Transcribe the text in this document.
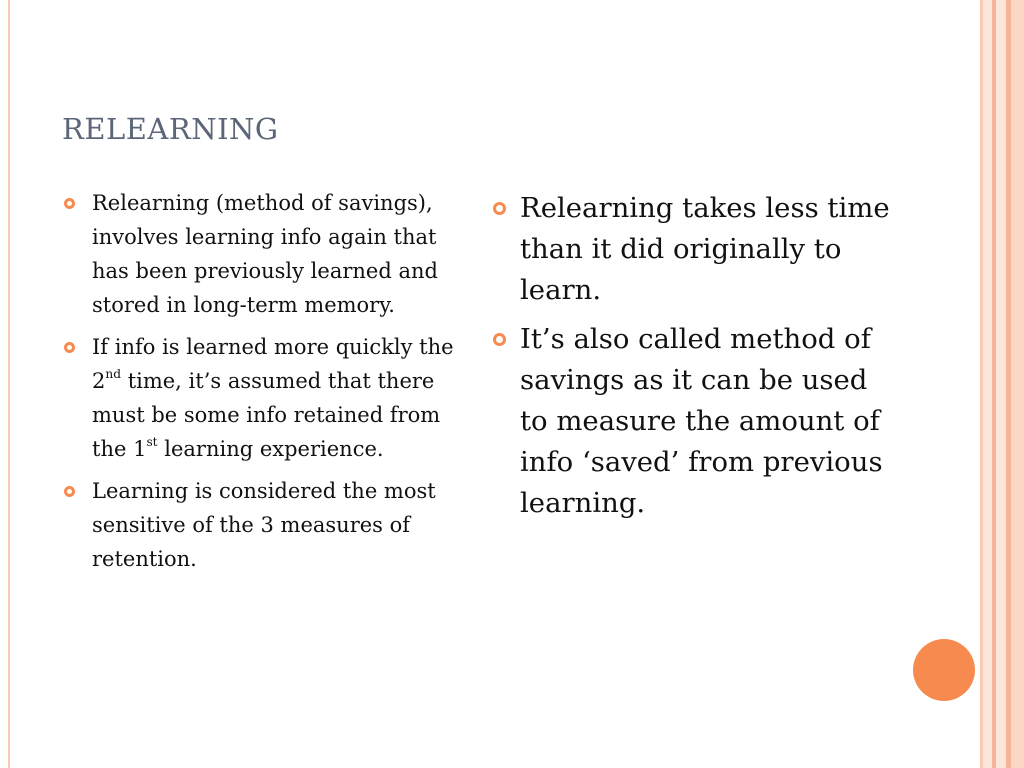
RELEARNING
Relearning (method of savings), involves learning info again that has been previously learned and stored in long-term memory.
If info is learned more quickly the 2nd time, it’s assumed that there must be some info retained from the 1st learning experience.
Learning is considered the most sensitive of the 3 measures of retention.
Relearning takes less time than it did originally to learn.
It’s also called method of savings as it can be used to measure the amount of info ‘saved’ from previous learning.
